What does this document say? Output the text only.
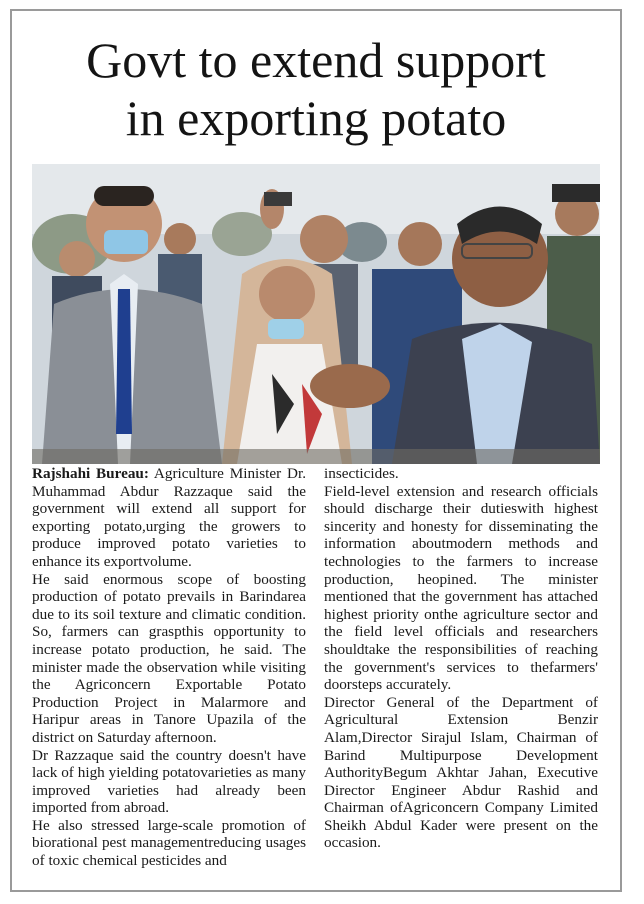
Govt to extend support
in exporting potato

Rajshahi Bureau: Agriculture Minister Dr. Muhammad Abdur Razzaque said the government will extend all support for exporting potato,urging the growers to produce improved potato varieties to enhance its exportvolume.

He said enormous scope of boosting production of potato prevails in Barindarea due to its soil texture and climatic condition. So, farmers can graspthis opportunity to increase potato production, he said. The minister made the observation while visiting the Agriconcern Exportable Potato Production Project in Malarmore and Haripur areas in Tanore Upazila of the district on Saturday afternoon.

Dr Razzaque said the country doesn't have lack of high yielding potatovarieties as many improved varieties had already been imported from abroad.

He also stressed large-scale promotion of biorational pest managementreducing usages of toxic chemical pesticides and

insecticides.

Field-level extension and research officials should discharge their dutieswith highest sincerity and honesty for disseminating the information aboutmodern methods and technologies to the farmers to increase production, heopined. The minister mentioned that the government has attached highest priority onthe agriculture sector and the field level officials and researchers shouldtake the responsibilities of reaching the government's services to thefarmers' doorsteps accurately.

Director General of the Department of Agricultural Extension Benzir Alam,Director Sirajul Islam, Chairman of Barind Multipurpose Development AuthorityBegum Akhtar Jahan, Executive Director Engineer Abdur Rashid and Chairman ofAgriconcern Company Limited Sheikh Abdul Kader were present on the occasion.
